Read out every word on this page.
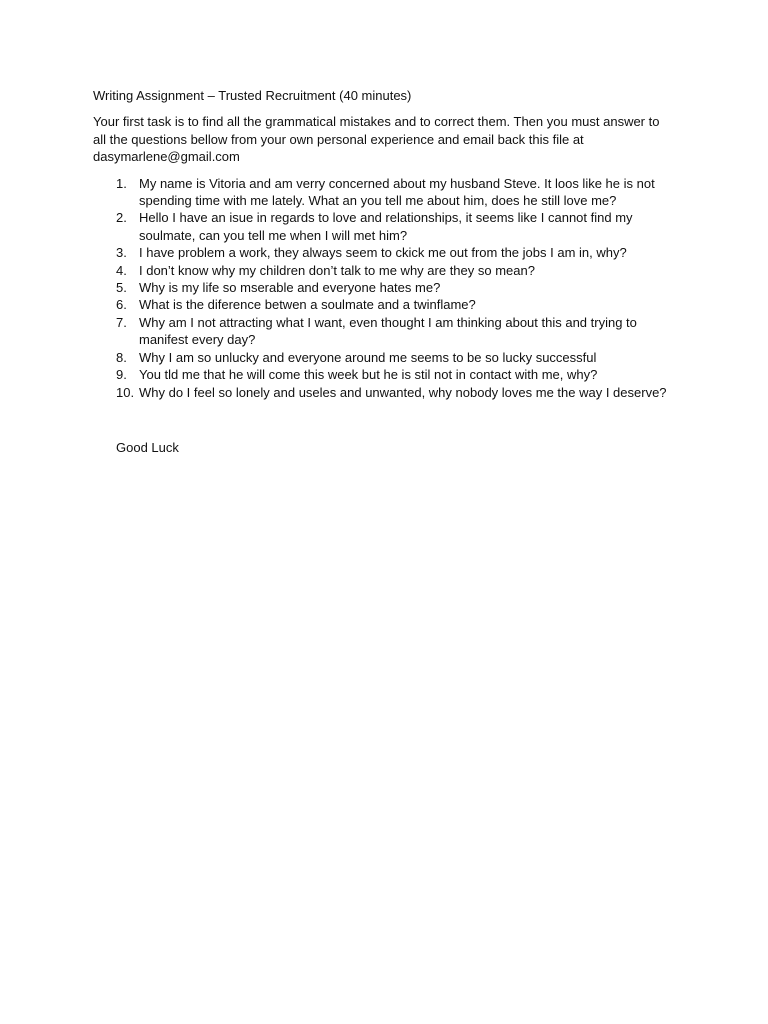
Writing Assignment – Trusted Recruitment (40 minutes)

Your first task is to find all the grammatical mistakes and to correct them. Then you must answer to all the questions bellow from your own personal experience and email back this file at dasymarlene@gmail.com

1. My name is Vitoria and am verry concerned about my husband Steve. It loos like he is not spending time with me lately. What an you tell me about him, does he still love me?
2. Hello I have an isue in regards to love and relationships, it seems like I cannot find my soulmate, can you tell me when I will met him?
3. I have problem a work, they always seem to ckick me out from the jobs I am in, why?
4. I don’t know why my children don’t talk to me why are they so mean?
5. Why is my life so mserable and everyone hates me?
6. What is the diference betwen a soulmate and a twinflame?
7. Why am I not attracting what I want, even thought I am thinking about this and trying to manifest every day?
8. Why I am so unlucky and everyone around me seems to be so lucky successful
9. You tld me that he will come this week but he is stil not in contact with me, why?
10. Why do I feel so lonely and useles and unwanted, why nobody loves me the way I deserve?

Good Luck
